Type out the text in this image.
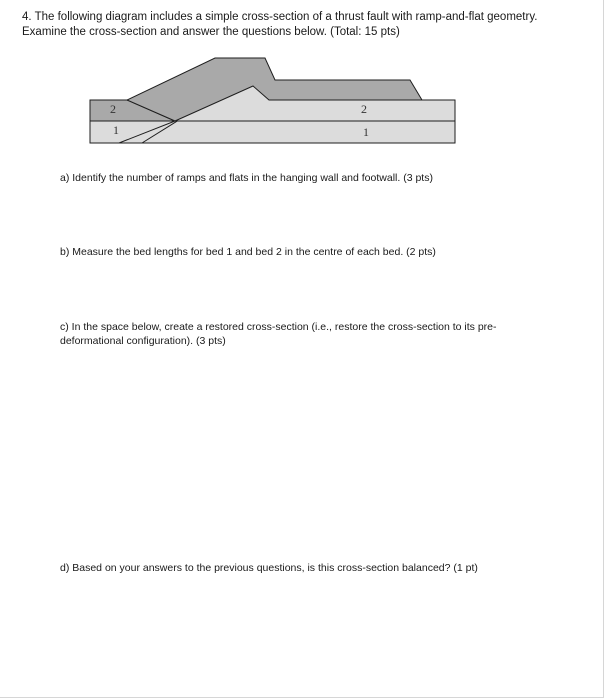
4. The following diagram includes a simple cross-section of a thrust fault with ramp-and-flat geometry. Examine the cross-section and answer the questions below. (Total: 15 pts)

2
1
2
1

a) Identify the number of ramps and flats in the hanging wall and footwall. (3 pts)

b) Measure the bed lengths for bed 1 and bed 2 in the centre of each bed. (2 pts)

c) In the space below, create a restored cross-section (i.e., restore the cross-section to its pre-deformational configuration). (3 pts)

d) Based on your answers to the previous questions, is this cross-section balanced? (1 pt)
